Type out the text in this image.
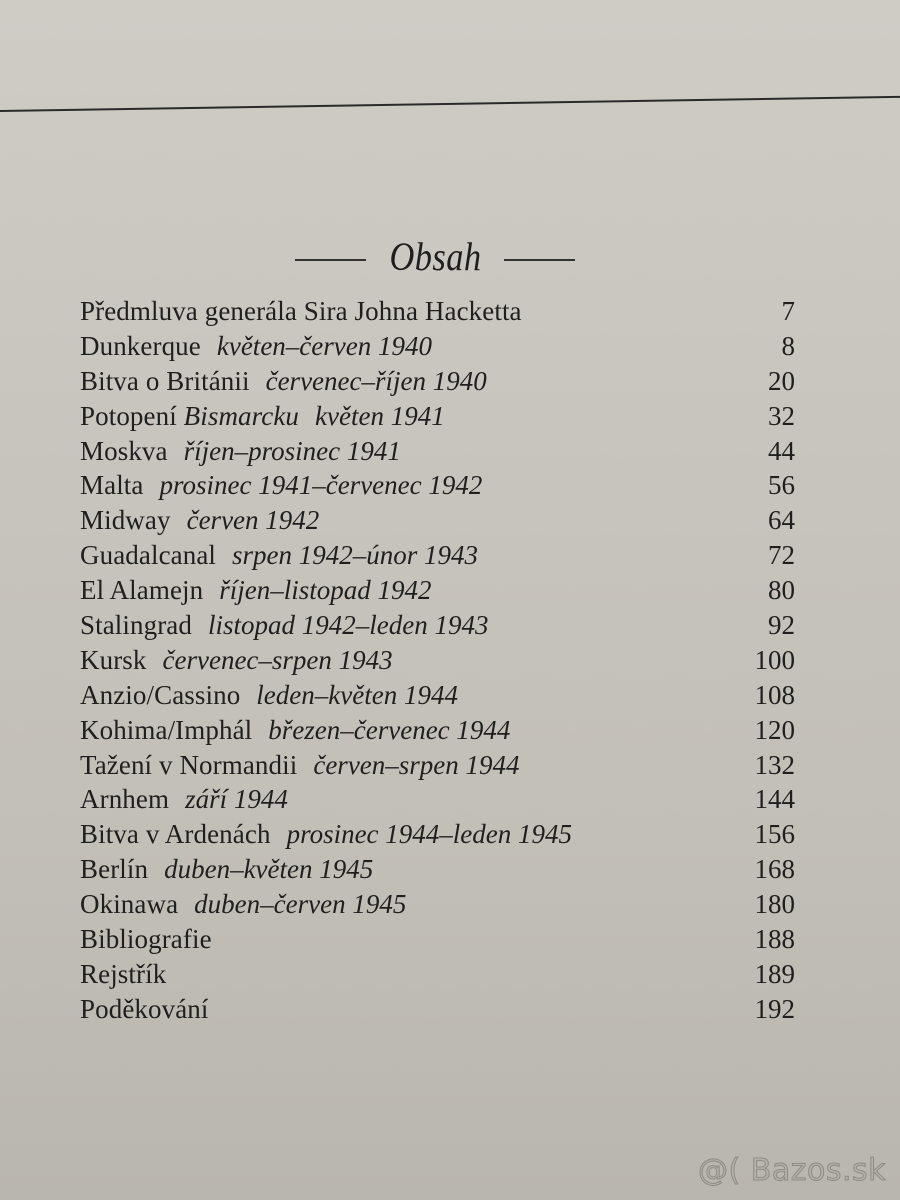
Obsah
Předmluva generála Sira Johna Hacketta	7
Dunkerque květen–červen 1940	8
Bitva o Británii červenec–říjen 1940	20
Potopení Bismarcku květen 1941	32
Moskva říjen–prosinec 1941	44
Malta prosinec 1941–červenec 1942	56
Midway červen 1942	64
Guadalcanal srpen 1942–únor 1943	72
El Alamejn říjen–listopad 1942	80
Stalingrad listopad 1942–leden 1943	92
Kursk červenec–srpen 1943	100
Anzio/Cassino leden–květen 1944	108
Kohima/Imphál březen–červenec 1944	120
Tažení v Normandii červen–srpen 1944	132
Arnhem září 1944	144
Bitva v Ardenách prosinec 1944–leden 1945	156
Berlín duben–květen 1945	168
Okinawa duben–červen 1945	180
Bibliografie	188
Rejstřík	189
Poděkování	192
@( Bazos.sk
